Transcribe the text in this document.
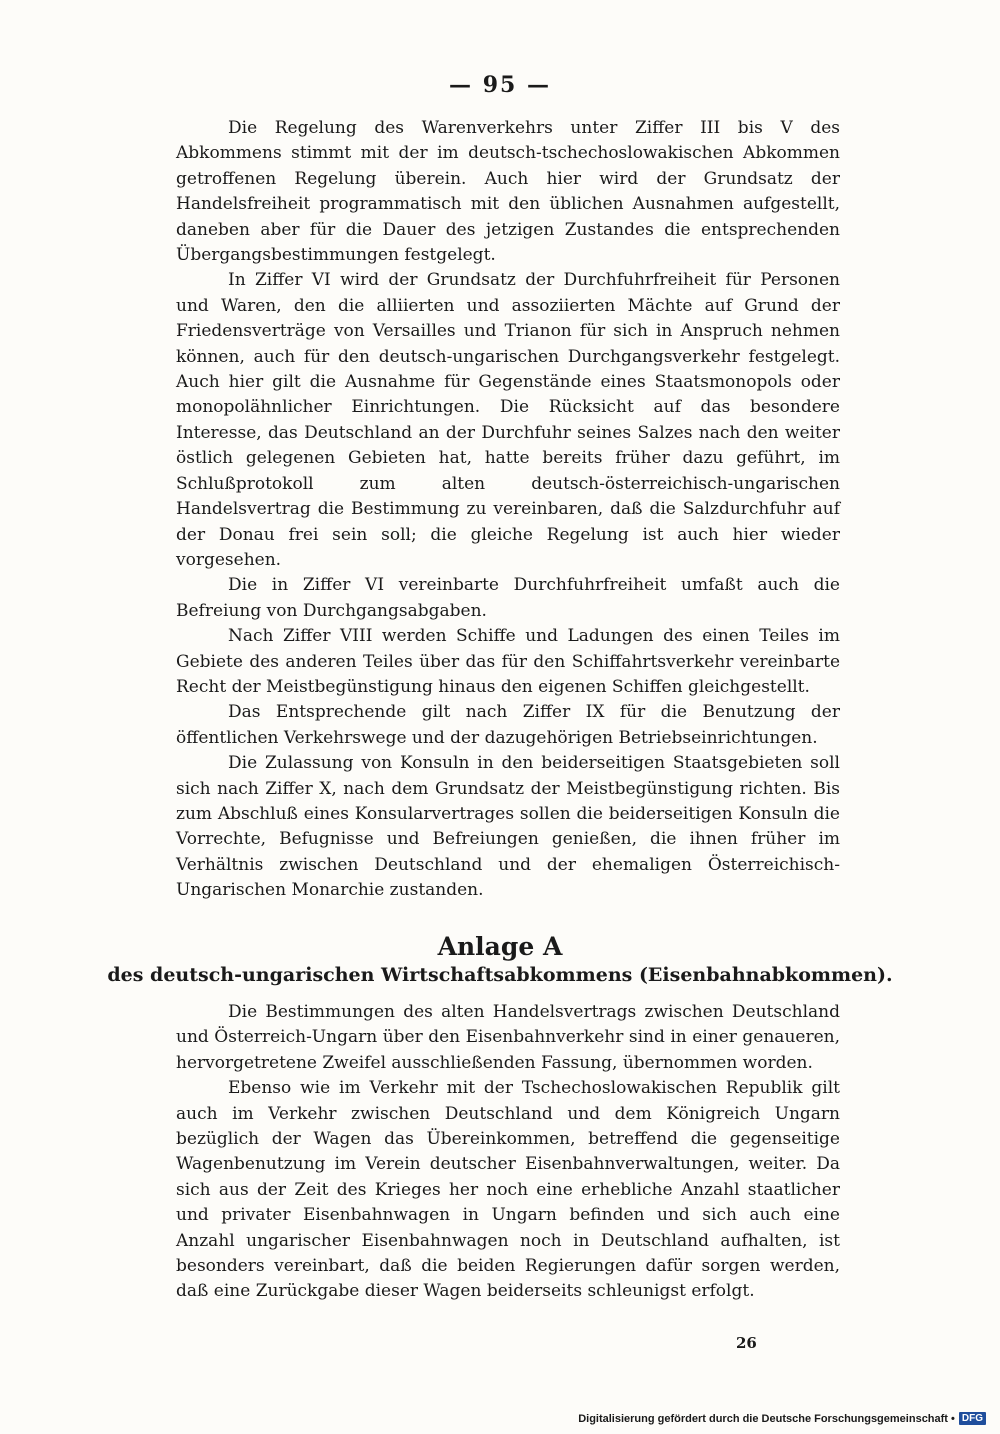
— 95 —

Die Regelung des Warenverkehrs unter Ziffer III bis V des Abkommens stimmt mit der im deutsch-tschechoslowakischen Abkommen getroffenen Regelung überein. Auch hier wird der Grundsatz der Handelsfreiheit programmatisch mit den üblichen Ausnahmen aufgestellt, daneben aber für die Dauer des jetzigen Zustandes die entsprechenden Übergangsbestimmungen festgelegt.

In Ziffer VI wird der Grundsatz der Durchfuhrfreiheit für Personen und Waren, den die alliierten und assoziierten Mächte auf Grund der Friedensverträge von Versailles und Trianon für sich in Anspruch nehmen können, auch für den deutsch-ungarischen Durchgangsverkehr festgelegt. Auch hier gilt die Ausnahme für Gegenstände eines Staatsmonopols oder monopolähnlicher Einrichtungen. Die Rücksicht auf das besondere Interesse, das Deutschland an der Durchfuhr seines Salzes nach den weiter östlich gelegenen Gebieten hat, hatte bereits früher dazu geführt, im Schlußprotokoll zum alten deutsch-österreichisch-ungarischen Handelsvertrag die Bestimmung zu vereinbaren, daß die Salzdurchfuhr auf der Donau frei sein soll; die gleiche Regelung ist auch hier wieder vorgesehen.

Die in Ziffer VI vereinbarte Durchfuhrfreiheit umfaßt auch die Befreiung von Durchgangsabgaben.

Nach Ziffer VIII werden Schiffe und Ladungen des einen Teiles im Gebiete des anderen Teiles über das für den Schiffahrtsverkehr vereinbarte Recht der Meistbegünstigung hinaus den eigenen Schiffen gleichgestellt.

Das Entsprechende gilt nach Ziffer IX für die Benutzung der öffentlichen Verkehrswege und der dazugehörigen Betriebseinrichtungen.

Die Zulassung von Konsuln in den beiderseitigen Staatsgebieten soll sich nach Ziffer X, nach dem Grundsatz der Meistbegünstigung richten. Bis zum Abschluß eines Konsularvertrages sollen die beiderseitigen Konsuln die Vorrechte, Befugnisse und Befreiungen genießen, die ihnen früher im Verhältnis zwischen Deutschland und der ehemaligen Österreichisch-Ungarischen Monarchie zustanden.

Anlage A
des deutsch-ungarischen Wirtschaftsabkommens (Eisenbahnabkommen).

Die Bestimmungen des alten Handelsvertrags zwischen Deutschland und Österreich-Ungarn über den Eisenbahnverkehr sind in einer genaueren, hervorgetretene Zweifel ausschließenden Fassung, übernommen worden.

Ebenso wie im Verkehr mit der Tschechoslowakischen Republik gilt auch im Verkehr zwischen Deutschland und dem Königreich Ungarn bezüglich der Wagen das Übereinkommen, betreffend die gegenseitige Wagenbenutzung im Verein deutscher Eisenbahnverwaltungen, weiter. Da sich aus der Zeit des Krieges her noch eine erhebliche Anzahl staatlicher und privater Eisenbahnwagen in Ungarn befinden und sich auch eine Anzahl ungarischer Eisenbahnwagen noch in Deutschland aufhalten, ist besonders vereinbart, daß die beiden Regierungen dafür sorgen werden, daß eine Zurückgabe dieser Wagen beiderseits schleunigst erfolgt.

26
Digitalisierung gefördert durch die Deutsche Forschungsgemeinschaft • DFG
